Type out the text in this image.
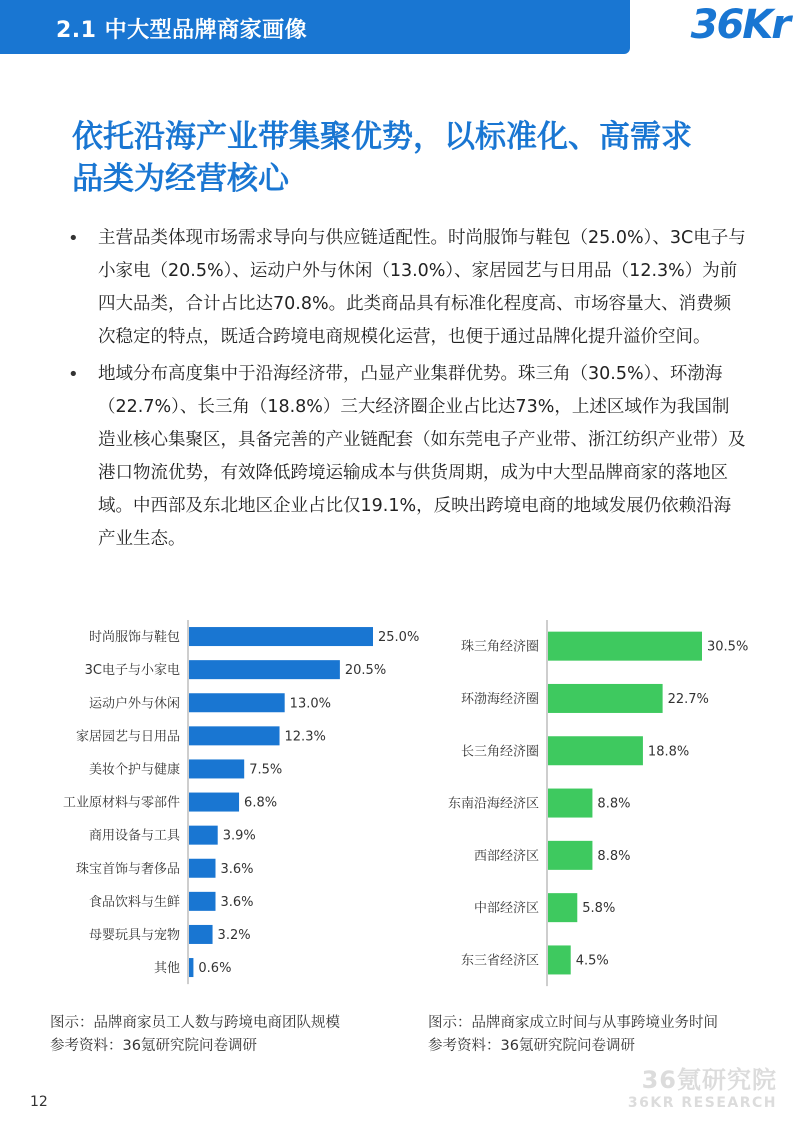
2.1 中大型品牌商家画像	36Kr
依托沿海产业带集聚优势，以标准化、高需求
品类为经营核心
• 主营品类体现市场需求导向与供应链适配性。时尚服饰与鞋包（25.0%）、3C电子与小家电（20.5%）、运动户外与休闲（13.0%）、家居园艺与日用品（12.3%）为前四大品类，合计占比达70.8%。此类商品具有标准化程度高、市场容量大、消费频次稳定的特点，既适合跨境电商规模化运营，也便于通过品牌化提升溢价空间。
• 地域分布高度集中于沿海经济带，凸显产业集群优势。珠三角（30.5%）、环渤海（22.7%）、长三角（18.8%）三大经济圈企业占比达73%，上述区域作为我国制造业核心集聚区，具备完善的产业链配套（如东莞电子产业带、浙江纺织产业带）及港口物流优势，有效降低跨境运输成本与供货周期，成为中大型品牌商家的落地区域。中西部及东北地区企业占比仅19.1%，反映出跨境电商的地域发展仍依赖沿海产业生态。
时尚服饰与鞋包	25.0%
3C电子与小家电	20.5%
运动户外与休闲	13.0%
家居园艺与日用品	12.3%
美妆个护与健康	7.5%
工业原材料与零部件	6.8%
商用设备与工具	3.9%
珠宝首饰与奢侈品	3.6%
食品饮料与生鲜	3.6%
母婴玩具与宠物	3.2%
其他 0.6%
珠三角经济圈	30.5%
环渤海经济圈	22.7%
长三角经济圈	18.8%
东南沿海经济区	8.8%
西部经济区	8.8%
中部经济区	5.8%
东三省经济区	4.5%
图示：品牌商家员工人数与跨境电商团队规模
参考资料：36氪研究院问卷调研
图示：品牌商家成立时间与从事跨境业务时间
参考资料：36氪研究院问卷调研
36氪研究院
36KR RESEARCH
12
